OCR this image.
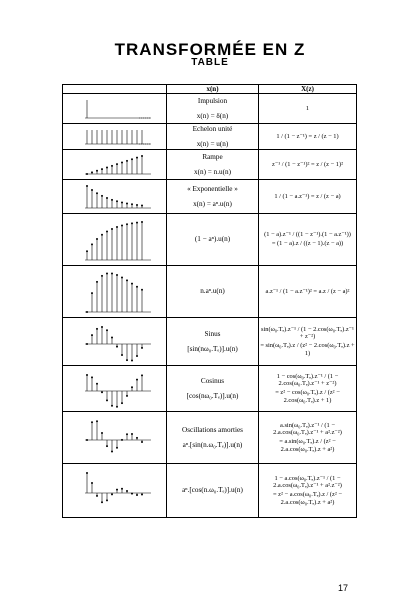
TRANSFORMÉE EN Z
TABLE
	x(n)	X(z)

Impulsion
x(n) = δ(n)	1

Echelon unité
x(n) = u(n)	1 / (1 − z⁻¹) = z / (z − 1)

Rampe
x(n) = n.u(n)	z⁻¹ / (1 − z⁻¹)² = z / (z − 1)²

« Exponentielle »
x(n) = aⁿ.u(n)	1 / (1 − a.z⁻¹) = z / (z − a)

(1 − aⁿ).u(n)	(1 − a).z⁻¹ / ((1 − z⁻¹).(1 − a.z⁻¹))
= (1 − a).z / ((z − 1).(z − a))

n.aⁿ.u(n)	a.z⁻¹ / (1 − a.z⁻¹)² = a.z / (z − a)²

Sinus
[sin(nω₀.Tₑ)].u(n)	sin(ω₀.Tₑ).z⁻¹ / (1 − 2.cos(ω₀.Tₑ).z⁻¹ + z⁻²)
= sin(ω₀.Tₑ).z / (z² − 2.cos(ω₀.Tₑ).z + 1)

Cosinus
[cos(nω₀.Tₑ)].u(n)	1 − cos(ω₀.Tₑ).z⁻¹ / (1 − 2.cos(ω₀.Tₑ).z⁻¹ + z⁻²)
= z² − cos(ω₀.Tₑ).z / (z² − 2.cos(ω₀.Tₑ).z + 1)

Oscillations amorties
aⁿ.[sin(n.ω₀.Tₑ)].u(n)	a.sin(ω₀.Tₑ).z⁻¹ / (1 − 2.a.cos(ω₀.Tₑ).z⁻¹ + a².z⁻²)
= a.sin(ω₀.Tₑ).z / (z² − 2.a.cos(ω₀.Tₑ).z + a²)

aⁿ.[cos(n.ω₀.Tₑ)].u(n)	1 − a.cos(ω₀.Tₑ).z⁻¹ / (1 − 2.a.cos(ω₀.Tₑ).z⁻¹ + a².z⁻²)
= z² − a.cos(ω₀.Tₑ).z / (z² − 2.a.cos(ω₀.Tₑ).z + a²)
17
